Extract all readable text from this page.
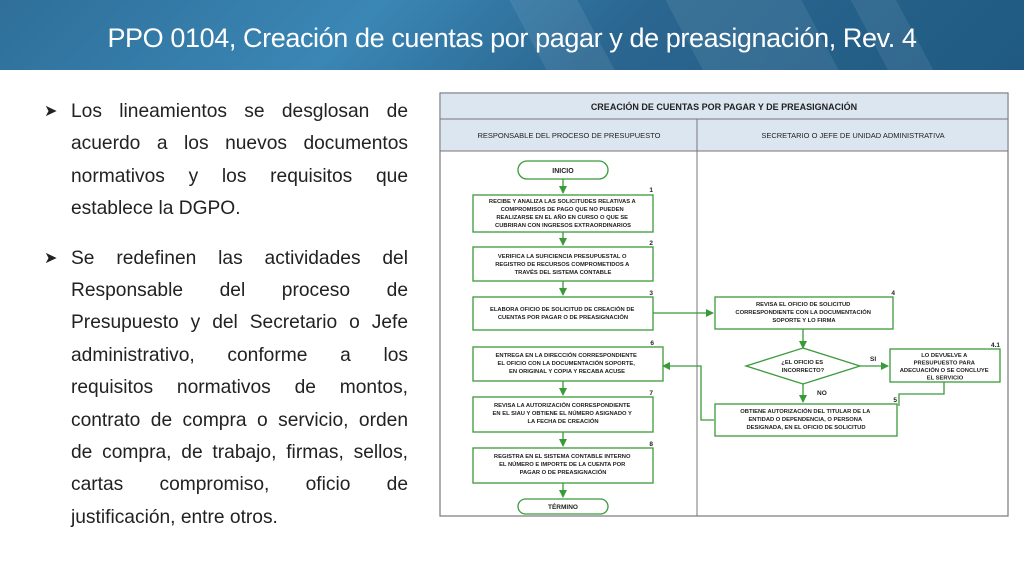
PPO 0104, Creación de cuentas por pagar y de preasignación, Rev. 4
➤ Los lineamientos se desglosan de acuerdo a los nuevos documentos normativos y los requisitos que establece la DGPO.
➤ Se redefinen las actividades del Responsable del proceso de Presupuesto y del Secretario o Jefe administrativo, conforme a los requisitos normativos de montos, contrato de compra o servicio, orden de compra, de trabajo, firmas, sellos, cartas compromiso, oficio de justificación, entre otros.
CREACIÓN DE CUENTAS POR PAGAR Y DE PREASIGNACIÓN
RESPONSABLE DEL PROCESO DE PRESUPUESTO	SECRETARIO O JEFE DE UNIDAD ADMINISTRATIVA
INICIO
1
RECIBE Y ANALIZA LAS SOLICITUDES RELATIVAS A COMPROMISOS DE PAGO QUE NO PUEDEN REALIZARSE EN EL AÑO EN CURSO O QUE SE CUBRIRAN CON INGRESOS EXTRAORDINARIOS
2
VERIFICA LA SUFICIENCIA PRESUPUESTAL O REGISTRO DE RECURSOS COMPROMETIDOS A TRAVÉS DEL SISTEMA CONTABLE
3
ELABORA OFICIO DE SOLICITUD DE CREACIÓN DE CUENTAS POR PAGAR O DE PREASIGNACIÓN
4
REVISA EL OFICIO DE SOLICITUD CORRESPONDIENTE CON LA DOCUMENTACIÓN SOPORTE Y LO FIRMA
¿EL OFICIO ES INCORRECTO?
SI
NO
4.1
LO DEVUELVE A PRESUPUESTO PARA ADECUACIÓN O SE CONCLUYE EL SERVICIO
5
OBTIENE AUTORIZACIÓN DEL TITULAR DE LA ENTIDAD O DEPENDENCIA, O PERSONA DESIGNADA, EN EL OFICIO DE SOLICITUD
6
ENTREGA EN LA DIRECCIÓN CORRESPONDIENTE EL OFICIO CON LA DOCUMENTACIÓN SOPORTE, EN ORIGINAL Y COPIA Y RECABA ACUSE
7
REVISA LA AUTORIZACIÓN CORRESPONDIENTE EN EL SIAU Y OBTIENE EL NÚMERO ASIGNADO Y LA FECHA DE CREACIÓN
8
REGISTRA EN EL SISTEMA CONTABLE INTERNO EL NÚMERO E IMPORTE DE LA CUENTA POR PAGAR O DE PREASIGNACIÓN
TÉRMINO
